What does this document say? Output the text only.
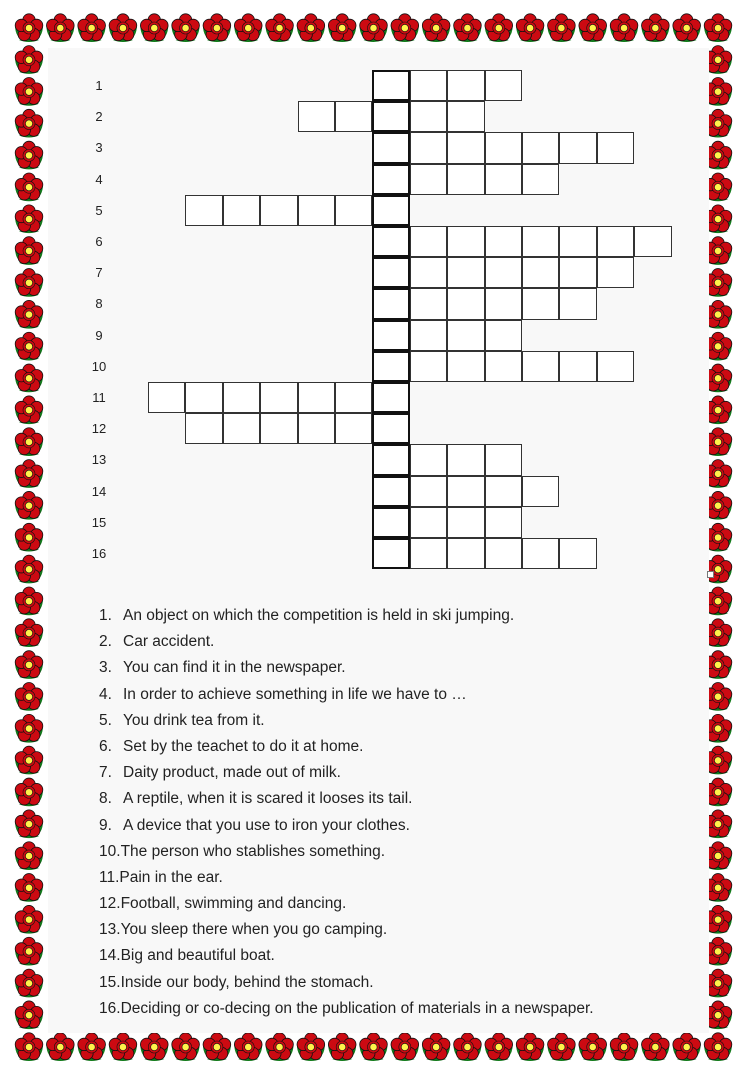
1
2
3
4
5
6
7
8
9
10
11
12
13
14
15
16
1. An object on which the competition is held in ski jumping.
2. Car accident.
3. You can find it in the newspaper.
4. In order to achieve something in life we have to …
5. You drink tea from it.
6. Set by the teachet to do it at home.
7. Daity product, made out of milk.
8. A reptile, when it is scared it looses its tail.
9. A device that you use to iron your clothes.
10.The person who stablishes something.
11.Pain in the ear.
12.Football, swimming and dancing.
13.You sleep there when you go camping.
14.Big and beautiful boat.
15.Inside our body, behind the stomach.
16.Deciding or co-decing on the publication of materials in a newspaper.
